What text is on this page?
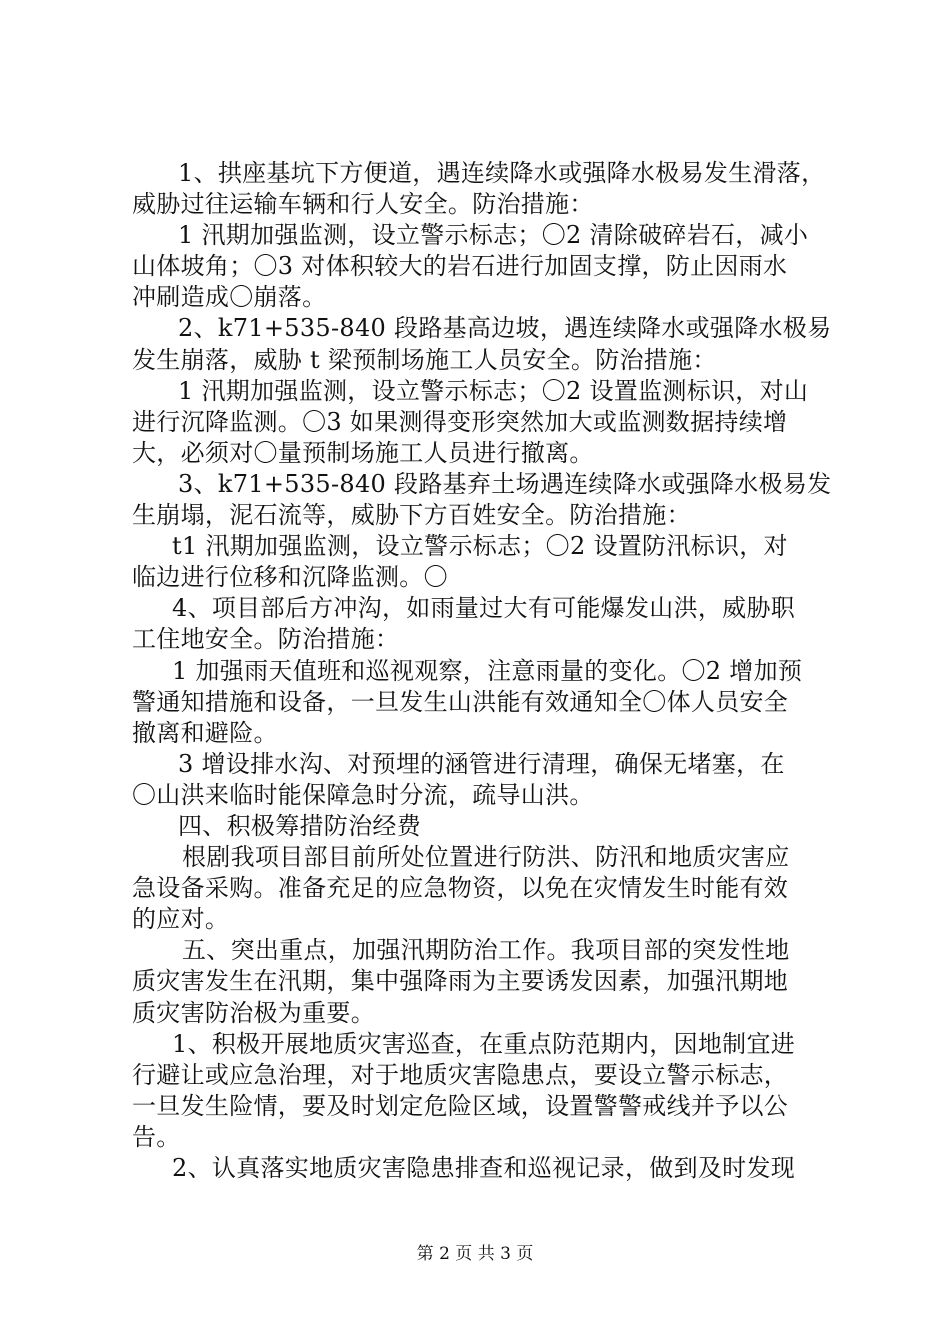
1、拱座基坑下方便道，遇连续降水或强降水极易发生滑落，
威胁过往运输车辆和行人安全。防治措施：
1 汛期加强监测，设立警示标志；〇2 清除破碎岩石，减小
山体坡角；〇3 对体积较大的岩石进行加固支撑，防止因雨水
冲刷造成〇崩落。
2、k71+535-840 段路基高边坡，遇连续降水或强降水极易
发生崩落，威胁 t 梁预制场施工人员安全。防治措施：
1 汛期加强监测，设立警示标志；〇2 设置监测标识，对山
进行沉降监测。〇3 如果测得变形突然加大或监测数据持续增
大，必须对〇量预制场施工人员进行撤离。
3、k71+535-840 段路基弃土场遇连续降水或强降水极易发
生崩塌，泥石流等，威胁下方百姓安全。防治措施：
t1 汛期加强监测，设立警示标志；〇2 设置防汛标识，对
临边进行位移和沉降监测。〇
4、项目部后方冲沟，如雨量过大有可能爆发山洪，威胁职
工住地安全。防治措施：
1 加强雨天值班和巡视观察，注意雨量的变化。〇2 增加预
警通知措施和设备，一旦发生山洪能有效通知全〇体人员安全
撤离和避险。
3 增设排水沟、对预埋的涵管进行清理，确保无堵塞，在
〇山洪来临时能保障急时分流，疏导山洪。
四、积极筹措防治经费
根剧我项目部目前所处位置进行防洪、防汛和地质灾害应
急设备采购。准备充足的应急物资，以免在灾情发生时能有效
的应对。
五、突出重点，加强汛期防治工作。我项目部的突发性地
质灾害发生在汛期，集中强降雨为主要诱发因素，加强汛期地
质灾害防治极为重要。
1、积极开展地质灾害巡查，在重点防范期内，因地制宜进
行避让或应急治理，对于地质灾害隐患点，要设立警示标志，
一旦发生险情，要及时划定危险区域，设置警警戒线并予以公
告。
2、认真落实地质灾害隐患排查和巡视记录，做到及时发现
第 2 页 共 3 页
